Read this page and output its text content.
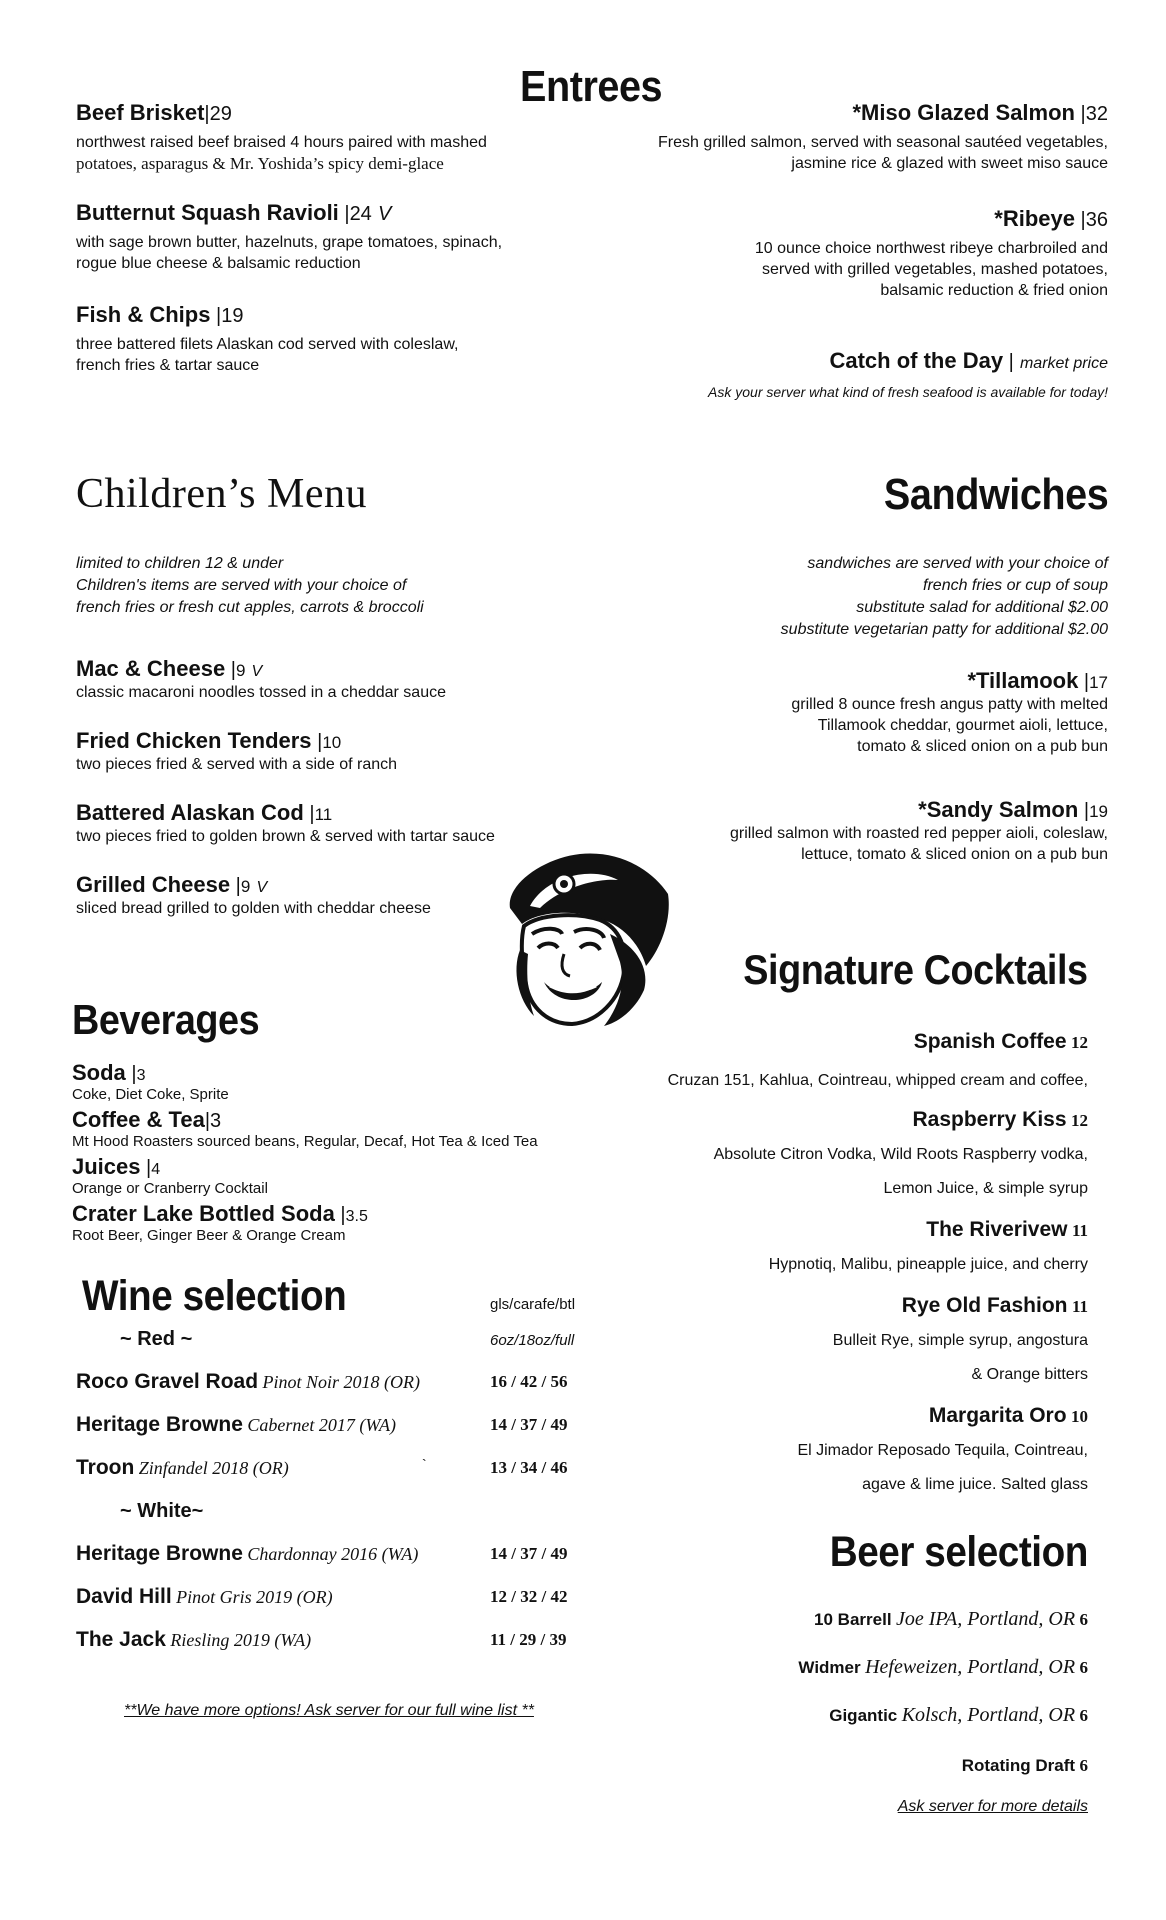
Entrees
Beef Brisket|29
northwest raised beef braised 4 hours paired with mashed
potatoes, asparagus & Mr. Yoshida’s spicy demi-glace
Butternut Squash Ravioli |24 V
with sage brown butter, hazelnuts, grape tomatoes, spinach,
rogue blue cheese & balsamic reduction
Fish & Chips |19
three battered filets Alaskan cod served with coleslaw,
french fries & tartar sauce
*Miso Glazed Salmon |32
Fresh grilled salmon, served with seasonal sautéed vegetables,
jasmine rice & glazed with sweet miso sauce
*Ribeye |36
10 ounce choice northwest ribeye charbroiled and
served with grilled vegetables, mashed potatoes,
balsamic reduction & fried onion
Catch of the Day | market price
Ask your server what kind of fresh seafood is available for today!
Children’s Menu
limited to children 12 & under
Children's items are served with your choice of
french fries or fresh cut apples, carrots & broccoli
Mac & Cheese |9 V
classic macaroni noodles tossed in a cheddar sauce
Fried Chicken Tenders |10
two pieces fried & served with a side of ranch
Battered Alaskan Cod |11
two pieces fried to golden brown & served with tartar sauce
Grilled Cheese |9 V
sliced bread grilled to golden with cheddar cheese
Sandwiches
sandwiches are served with your choice of
french fries or cup of soup
substitute salad for additional $2.00
substitute vegetarian patty for additional $2.00
*Tillamook |17
grilled 8 ounce fresh angus patty with melted
Tillamook cheddar, gourmet aioli, lettuce,
tomato & sliced onion on a pub bun
*Sandy Salmon |19
grilled salmon with roasted red pepper aioli, coleslaw,
lettuce, tomato & sliced onion on a pub bun
Beverages
Soda |3
Coke, Diet Coke, Sprite
Coffee & Tea|3
Mt Hood Roasters sourced beans, Regular, Decaf, Hot Tea & Iced Tea
Juices |4
Orange or Cranberry Cocktail
Crater Lake Bottled Soda |3.5
Root Beer, Ginger Beer & Orange Cream
Wine selection	gls/carafe/btl
6oz/18oz/full
~ Red ~
Roco Gravel Road Pinot Noir 2018 (OR)	16 / 42 / 56
Heritage Browne Cabernet 2017 (WA)	14 / 37 / 49
Troon Zinfandel 2018 (OR)	`	13 / 34 / 46
~ White~
Heritage Browne Chardonnay 2016 (WA)	14 / 37 / 49
David Hill Pinot Gris 2019 (OR)	12 / 32 / 42
The Jack Riesling 2019 (WA)	11 / 29 / 39
**We have more options! Ask server for our full wine list **
Signature Cocktails
Spanish Coffee 12
Cruzan 151, Kahlua, Cointreau, whipped cream and coffee,
Raspberry Kiss 12
Absolute Citron Vodka, Wild Roots Raspberry vodka,
Lemon Juice, & simple syrup
The Riverivew 11
Hypnotiq, Malibu, pineapple juice, and cherry
Rye Old Fashion 11
Bulleit Rye, simple syrup, angostura
& Orange bitters
Margarita Oro 10
El Jimador Reposado Tequila, Cointreau,
agave & lime juice. Salted glass
Beer selection
10 Barrell Joe IPA, Portland, OR 6
Widmer Hefeweizen, Portland, OR 6
Gigantic Kolsch, Portland, OR 6
Rotating Draft 6
Ask server for more details
